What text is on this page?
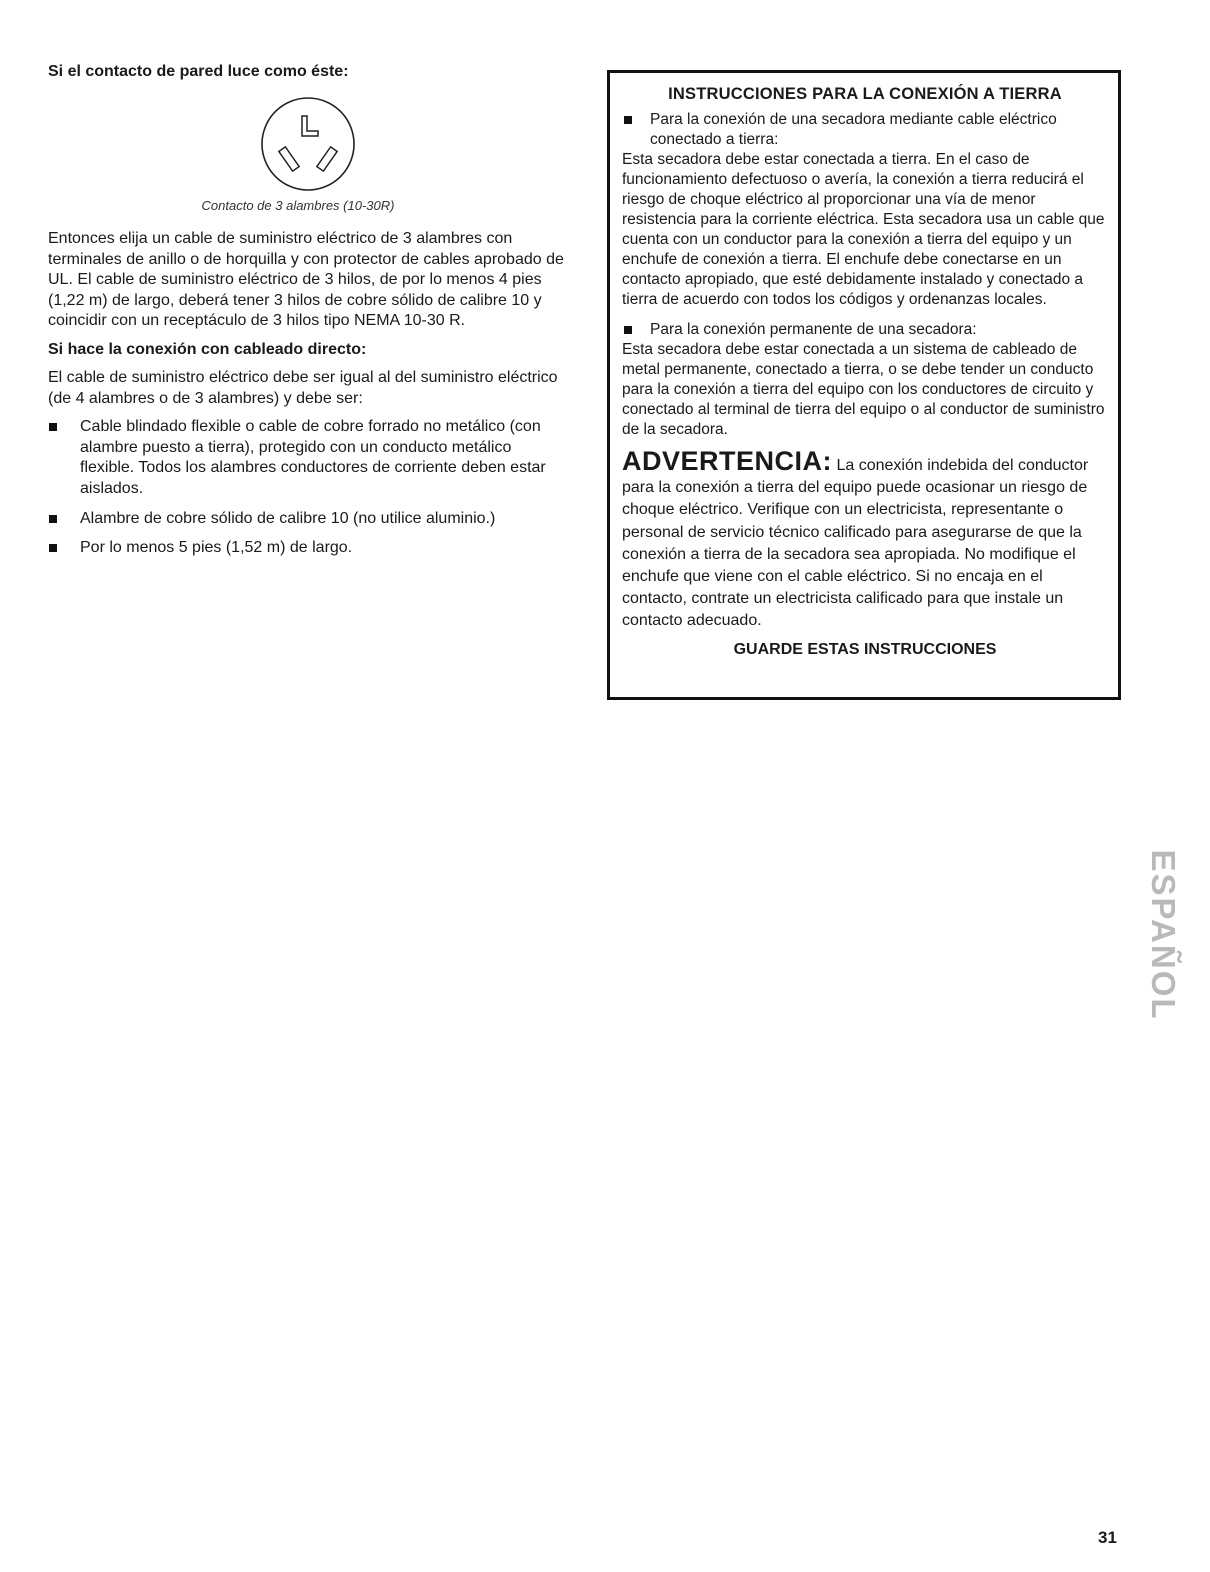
Si el contacto de pared luce como éste:

Contacto de 3 alambres (10-30R)

Entonces elija un cable de suministro eléctrico de 3 alambres con terminales de anillo o de horquilla y con protector de cables aprobado de UL. El cable de suministro eléctrico de 3 hilos, de por lo menos 4 pies (1,22 m) de largo, deberá tener 3 hilos de cobre sólido de calibre 10 y coincidir con un receptáculo de 3 hilos tipo NEMA 10-30 R.

Si hace la conexión con cableado directo:

El cable de suministro eléctrico debe ser igual al del suministro eléctrico (de 4 alambres o de 3 alambres) y debe ser:

Cable blindado flexible o cable de cobre forrado no metálico (con alambre puesto a tierra), protegido con un conducto metálico flexible. Todos los alambres conductores de corriente deben estar aislados.
Alambre de cobre sólido de calibre 10 (no utilice aluminio.)
Por lo menos 5 pies (1,52 m) de largo.

INSTRUCCIONES PARA LA CONEXIÓN A TIERRA

Para la conexión de una secadora mediante cable eléctrico conectado a tierra:

Esta secadora debe estar conectada a tierra. En el caso de funcionamiento defectuoso o avería, la conexión a tierra reducirá el riesgo de choque eléctrico al proporcionar una vía de menor resistencia para la corriente eléctrica. Esta secadora usa un cable que cuenta con un conductor para la conexión a tierra del equipo y un enchufe de conexión a tierra. El enchufe debe conectarse en un contacto apropiado, que esté debidamente instalado y conectado a tierra de acuerdo con todos los códigos y ordenanzas locales.

Para la conexión permanente de una secadora:

Esta secadora debe estar conectada a un sistema de cableado de metal permanente, conectado a tierra, o se debe tender un conducto para la conexión a tierra del equipo con los conductores de circuito y conectado al terminal de tierra del equipo o al conductor de suministro de la secadora.

ADVERTENCIA: La conexión indebida del conductor para la conexión a tierra del equipo puede ocasionar un riesgo de choque eléctrico. Verifique con un electricista, representante o personal de servicio técnico calificado para asegurarse de que la conexión a tierra de la secadora sea apropiada. No modifique el enchufe que viene con el cable eléctrico. Si no encaja en el contacto, contrate un electricista calificado para que instale un contacto adecuado.

GUARDE ESTAS INSTRUCCIONES

ESPAÑOL
31
